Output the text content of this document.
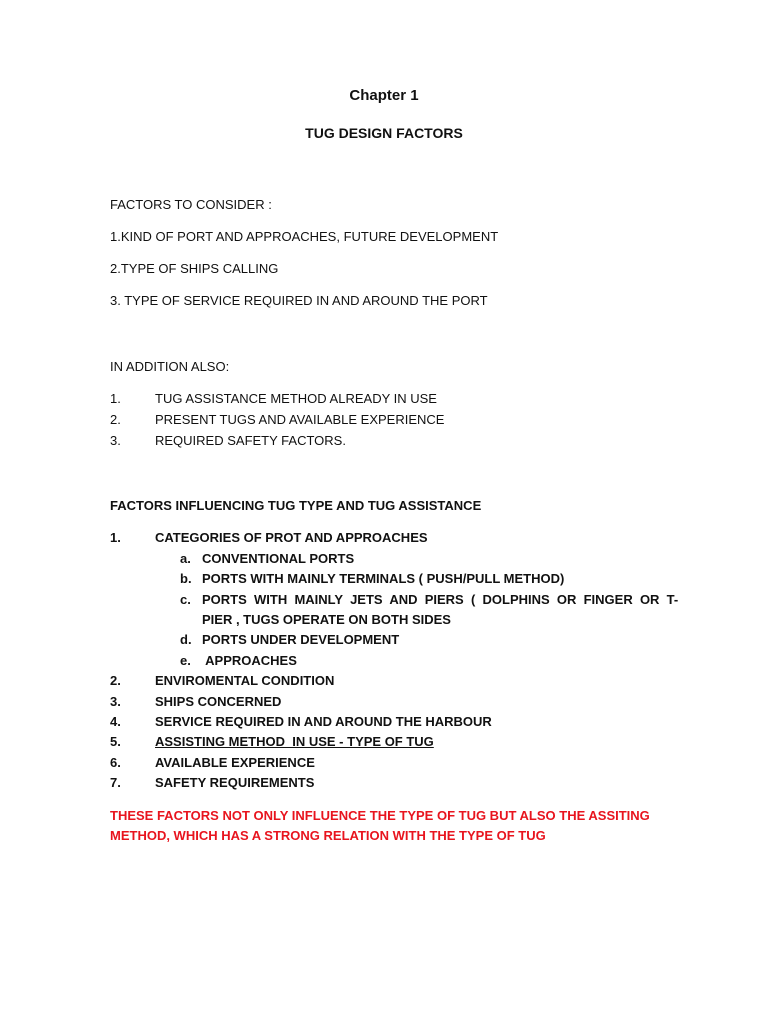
Chapter 1
TUG DESIGN FACTORS
FACTORS TO CONSIDER :
1.KIND OF PORT AND APPROACHES, FUTURE DEVELOPMENT
2.TYPE OF SHIPS CALLING
3. TYPE OF SERVICE REQUIRED IN AND AROUND THE PORT
IN ADDITION ALSO:
1.	TUG ASSISTANCE METHOD ALREADY IN USE
2.	PRESENT TUGS AND AVAILABLE EXPERIENCE
3.	REQUIRED SAFETY FACTORS.
FACTORS INFLUENCING TUG TYPE AND TUG ASSISTANCE
1.	CATEGORIES OF PROT AND APPROACHES
a. CONVENTIONAL PORTS
b. PORTS WITH MAINLY TERMINALS ( PUSH/PULL METHOD)
c. PORTS  WITH  MAINLY  JETS  AND  PIERS  (  DOLPHINS  OR  FINGER  OR  T-
PIER , TUGS OPERATE ON BOTH SIDES
d. PORTS UNDER DEVELOPMENT
e. APPROACHES
2.	ENVIROMENTAL CONDITION
3.	SHIPS CONCERNED
4.	SERVICE REQUIRED IN AND AROUND THE HARBOUR
5.	ASSISTING METHOD  IN USE - TYPE OF TUG
6.	AVAILABLE EXPERIENCE
7.	SAFETY REQUIREMENTS
THESE FACTORS NOT ONLY INFLUENCE THE TYPE OF TUG BUT ALSO THE ASSITING
METHOD, WHICH HAS A STRONG RELATION WITH THE TYPE OF TUG
